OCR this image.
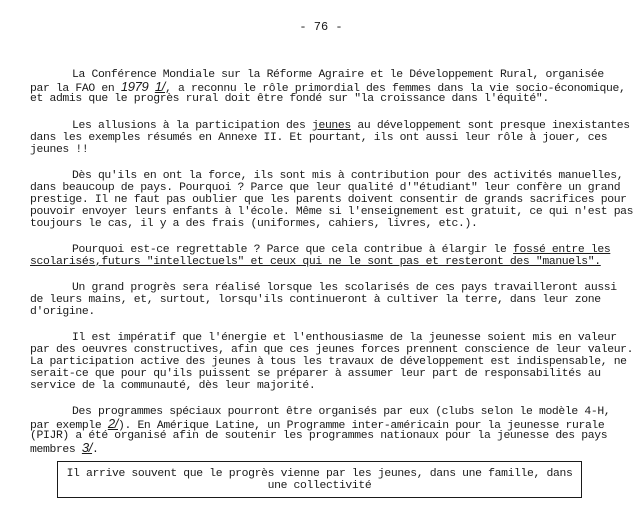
- 76 -
La Conférence Mondiale sur la Réforme Agraire et le Développement Rural, organisée
par la FAO en 1979 1/, a reconnu le rôle primordial des femmes dans la vie socio-économique,
et admis que le progrès rural doit être fondé sur "la croissance dans l'équité".
Les allusions à la participation des jeunes au développement sont presque inexistantes
dans les exemples résumés en Annexe II. Et pourtant, ils ont aussi leur rôle à jouer, ces
jeunes !!
Dès qu'ils en ont la force, ils sont mis à contribution pour des activités manuelles,
dans beaucoup de pays. Pourquoi ? Parce que leur qualité d'"étudiant" leur confère un grand
prestige. Il ne faut pas oublier que les parents doivent consentir de grands sacrifices pour
pouvoir envoyer leurs enfants à l'école. Même si l'enseignement est gratuit, ce qui n'est pas
toujours le cas, il y a des frais (uniformes, cahiers, livres, etc.).
Pourquoi est-ce regrettable ? Parce que cela contribue à élargir le fossé entre les
scolarisés,futurs "intellectuels" et ceux qui ne le sont pas et resteront des "manuels".
Un grand progrès sera réalisé lorsque les scolarisés de ces pays travailleront aussi
de leurs mains, et, surtout, lorsqu'ils continueront à cultiver la terre, dans leur zone
d'origine.
Il est impératif que l'énergie et l'enthousiasme de la jeunesse soient mis en valeur
par des oeuvres constructives, afin que ces jeunes forces prennent conscience de leur valeur.
La participation active des jeunes à tous les travaux de développement est indispensable, ne
serait-ce que pour qu'ils puissent se préparer à assumer leur part de responsabilités au
service de la communauté, dès leur majorité.
Des programmes spéciaux pourront être organisés par eux (clubs selon le modèle 4-H,
par exemple 2/). En Amérique Latine, un Programme inter-américain pour la jeunesse rurale
(PIJR) a été organisé afin de soutenir les programmes nationaux pour la jeunesse des pays
membres 3/.
Il arrive souvent que le progrès vienne par les jeunes, dans une famille, dans
une collectivité
